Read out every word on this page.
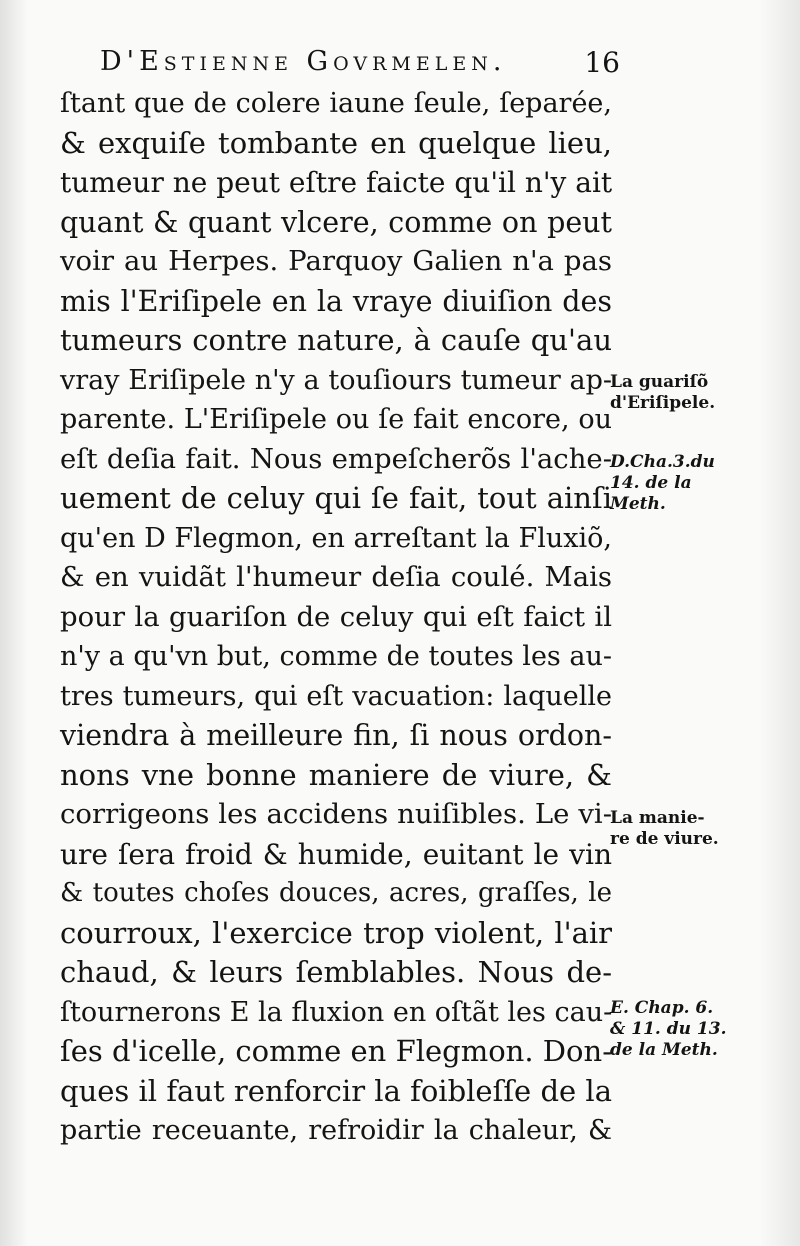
D'Estienne Govrmelen.	16
ſtant que de colere iaune ſeule, ſeparée,
& exquiſe tombante en quelque lieu,
tumeur ne peut eſtre faicte qu'il n'y ait
quant & quant vlcere, comme on peut
voir au Herpes. Parquoy Galien n'a pas
mis l'Eriſipele en la vraye diuiſion des
tumeurs contre nature, à cauſe qu'au
vray Eriſipele n'y a touſiours tumeur ap-
parente. L'Eriſipele ou ſe fait encore, ou
eſt deſia fait. Nous empeſcherõs l'ache-
uement de celuy qui ſe fait, tout ainſi
qu'en D Flegmon, en arreſtant la Fluxiõ,
& en vuidãt l'humeur deſia coulé. Mais
pour la guariſon de celuy qui eſt faict il
n'y a qu'vn but, comme de toutes les au-
tres tumeurs, qui eſt vacuation: laquelle
viendra à meilleure fin, ſi nous ordon-
nons vne bonne maniere de viure, &
corrigeons les accidens nuiſibles. Le vi-
ure ſera froid & humide, euitant le vin
& toutes choſes douces, acres, graſſes, le
courroux, l'exercice trop violent, l'air
chaud, & leurs ſemblables. Nous de-
ſtournerons E la fluxion en oſtãt les cau-
ſes d'icelle, comme en Flegmon. Don-
ques il faut renforcir la foibleſſe de la
partie receuante, refroidir la chaleur, &
La guariſõ
d'Eriſipele.
D.Cha.3.du
14. de la
Meth.
La manie-
re de viure.
E. Chap. 6.
& 11. du 13.
de la Meth.
